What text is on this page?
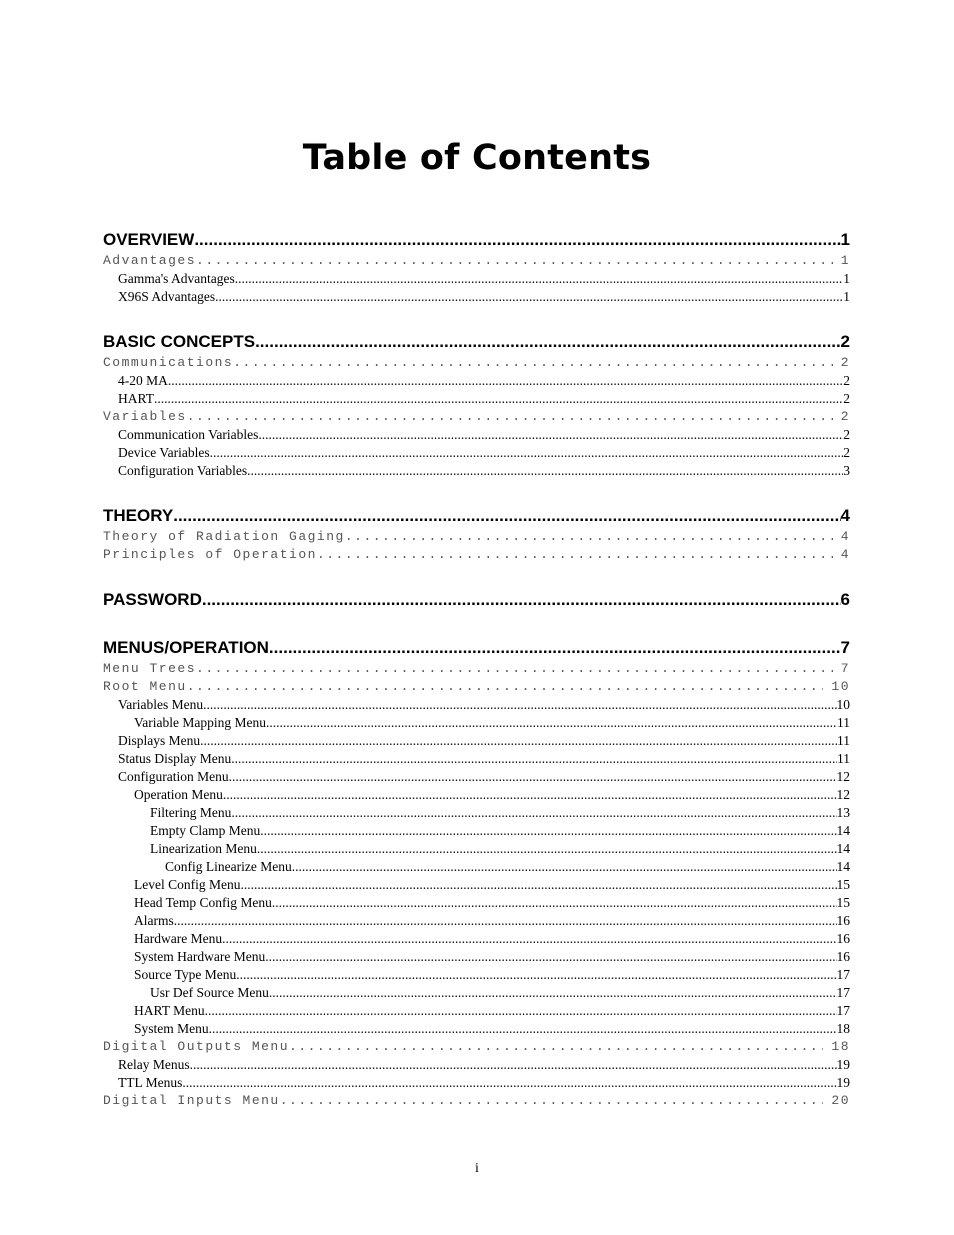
Table of Contents
OVERVIEW .....	1
Advantages .....	1
Gamma's Advantages .....	1
X96S Advantages .....	1
BASIC CONCEPTS .....	2
Communications .....	2
4-20 MA .....	2
HART .....	2
Variables .....	2
Communication Variables .....	2
Device Variables .....	2
Configuration Variables .....	3
THEORY .....	4
Theory of Radiation Gaging .....	4
Principles of Operation .....	4
PASSWORD .....	6
MENUS/OPERATION .....	7
Menu Trees .....	7
Root Menu .....	10
Variables Menu .....	10
Variable Mapping Menu .....	11
Displays Menu .....	11
Status Display Menu .....	11
Configuration Menu .....	12
Operation Menu .....	12
Filtering Menu .....	13
Empty Clamp Menu .....	14
Linearization Menu .....	14
Config Linearize Menu .....	14
Level Config Menu .....	15
Head Temp Config Menu .....	15
Alarms .....	16
Hardware Menu .....	16
System Hardware Menu .....	16
Source Type Menu .....	17
Usr Def Source Menu .....	17
HART Menu .....	17
System Menu .....	18
Digital Outputs Menu .....	18
Relay Menus .....	19
TTL Menus .....	19
Digital Inputs Menu .....	20
i
